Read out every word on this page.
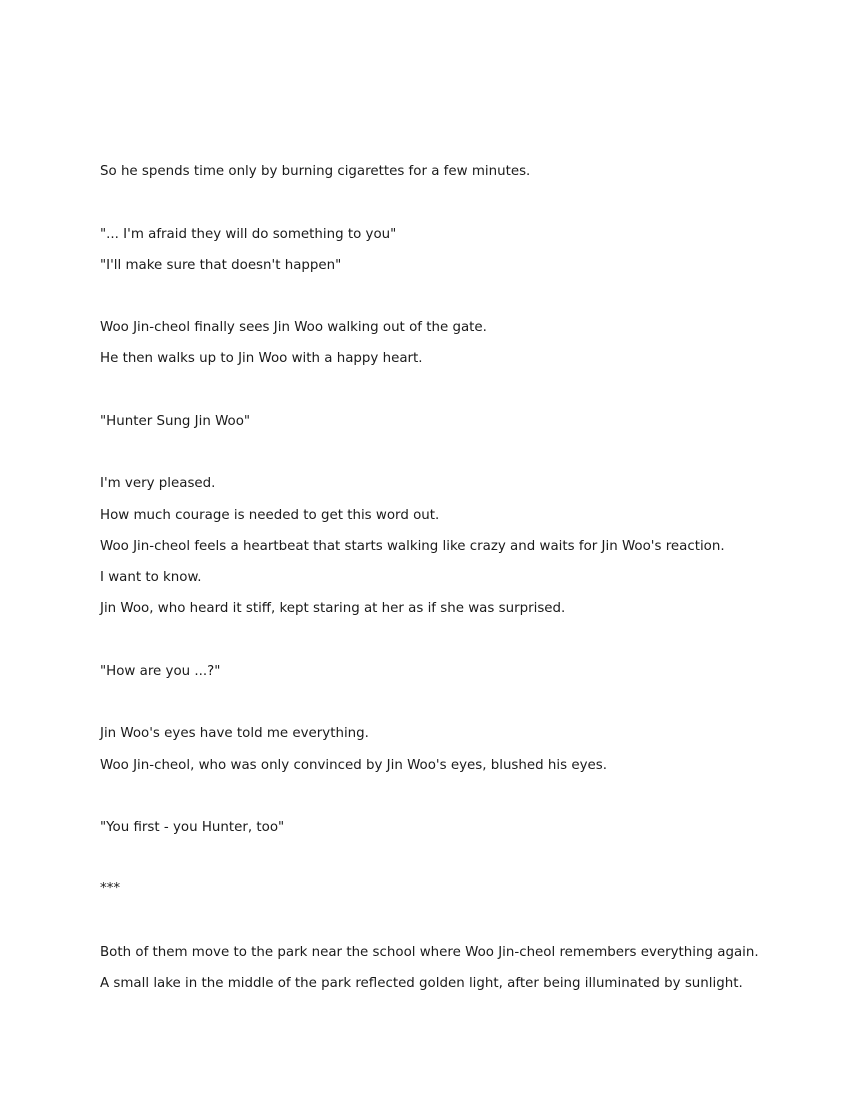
So he spends time only by burning cigarettes for a few minutes.
"... I'm afraid they will do something to you"
"I'll make sure that doesn't happen"
Woo Jin-cheol finally sees Jin Woo walking out of the gate.
He then walks up to Jin Woo with a happy heart.
"Hunter Sung Jin Woo"
I'm very pleased.
How much courage is needed to get this word out.
Woo Jin-cheol feels a heartbeat that starts walking like crazy and waits for Jin Woo's reaction.
I want to know.
Jin Woo, who heard it stiff, kept staring at her as if she was surprised.
"How are you ...?"
Jin Woo's eyes have told me everything.
Woo Jin-cheol, who was only convinced by Jin Woo's eyes, blushed his eyes.
"You first - you Hunter, too"
***
Both of them move to the park near the school where Woo Jin-cheol remembers everything again.
A small lake in the middle of the park reflected golden light, after being illuminated by sunlight.
